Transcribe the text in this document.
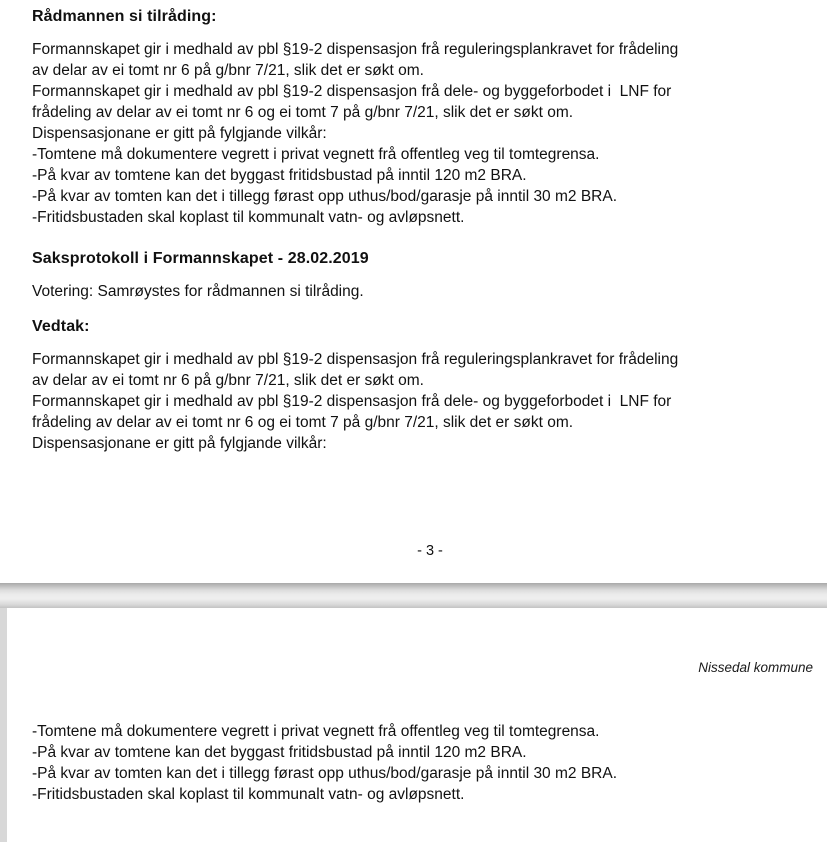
Rådmannen si tilråding:
Formannskapet gir i medhald av pbl §19-2 dispensasjon frå reguleringsplankravet for frådeling
av delar av ei tomt nr 6 på g/bnr 7/21, slik det er søkt om.
Formannskapet gir i medhald av pbl §19-2 dispensasjon frå dele- og byggeforbodet i  LNF for
frådeling av delar av ei tomt nr 6 og ei tomt 7 på g/bnr 7/21, slik det er søkt om.
Dispensasjonane er gitt på fylgjande vilkår:
-Tomtene må dokumentere vegrett i privat vegnett frå offentleg veg til tomtegrensa.
-På kvar av tomtene kan det byggast fritidsbustad på inntil 120 m2 BRA.
-På kvar av tomten kan det i tillegg førast opp uthus/bod/garasje på inntil 30 m2 BRA.
-Fritidsbustaden skal koplast til kommunalt vatn- og avløpsnett.
Saksprotokoll i Formannskapet - 28.02.2019
Votering: Samrøystes for rådmannen si tilråding.
Vedtak:
Formannskapet gir i medhald av pbl §19-2 dispensasjon frå reguleringsplankravet for frådeling
av delar av ei tomt nr 6 på g/bnr 7/21, slik det er søkt om.
Formannskapet gir i medhald av pbl §19-2 dispensasjon frå dele- og byggeforbodet i  LNF for
frådeling av delar av ei tomt nr 6 og ei tomt 7 på g/bnr 7/21, slik det er søkt om.
Dispensasjonane er gitt på fylgjande vilkår:
- 3 -
Nissedal kommune
-Tomtene må dokumentere vegrett i privat vegnett frå offentleg veg til tomtegrensa.
-På kvar av tomtene kan det byggast fritidsbustad på inntil 120 m2 BRA.
-På kvar av tomten kan det i tillegg førast opp uthus/bod/garasje på inntil 30 m2 BRA.
-Fritidsbustaden skal koplast til kommunalt vatn- og avløpsnett.
